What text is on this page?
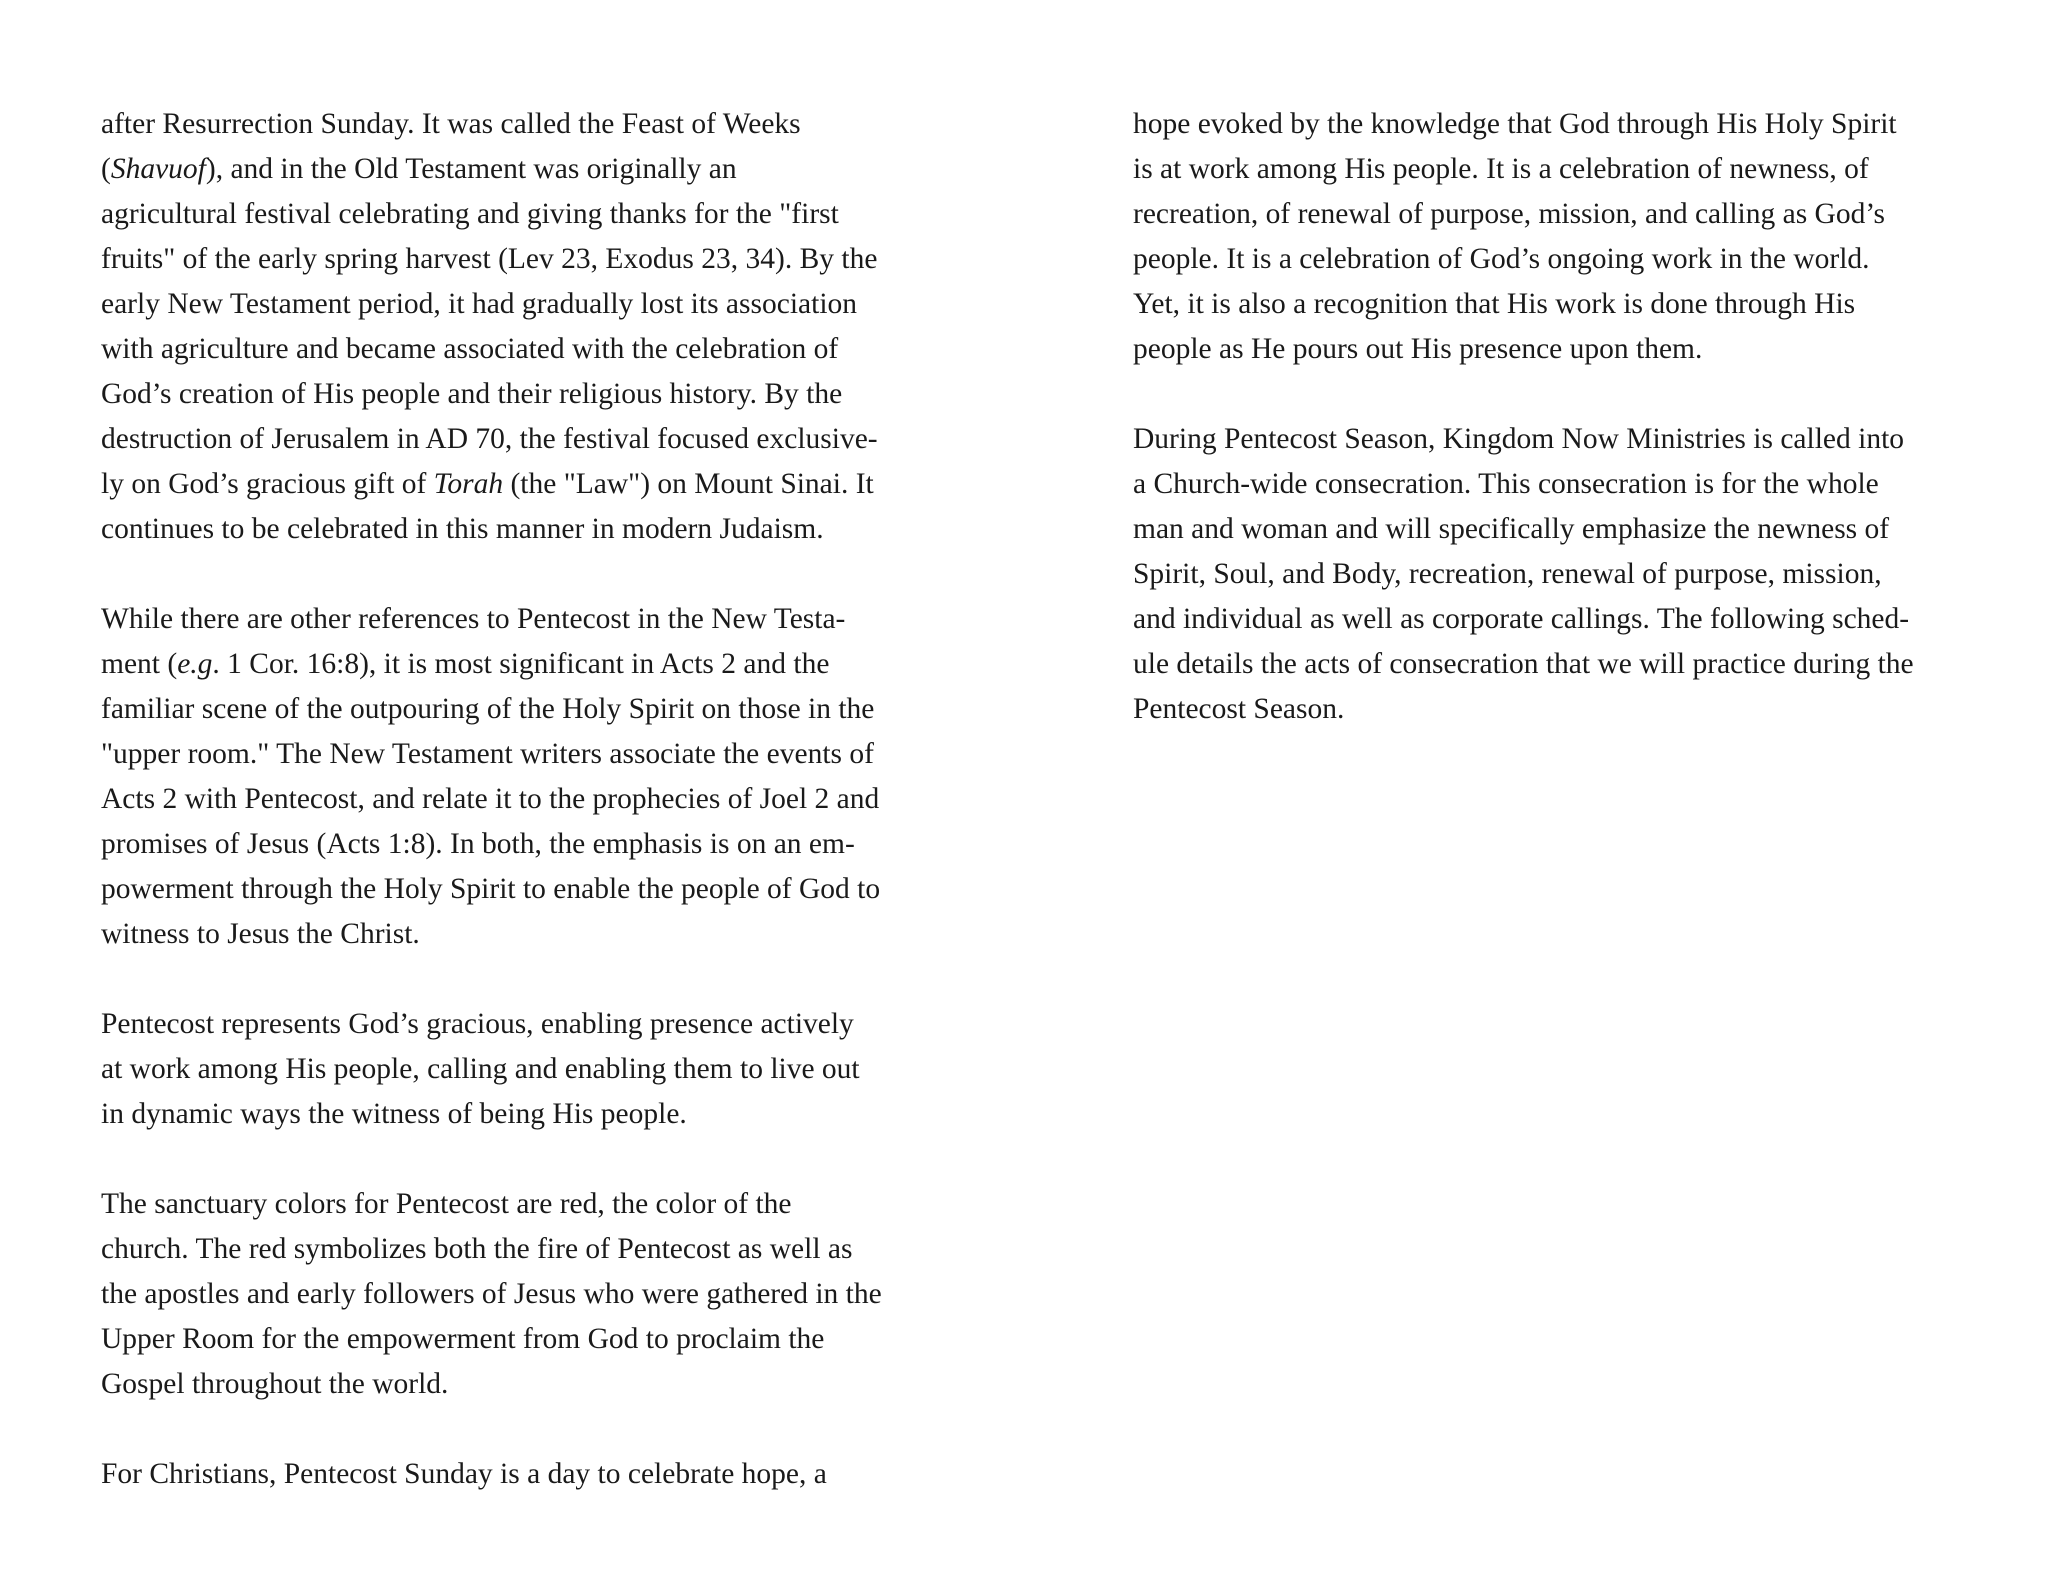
after Resurrection Sunday. It was called the Feast of Weeks
(Shavuof), and in the Old Testament was originally an
agricultural festival celebrating and giving thanks for the "first
fruits" of the early spring harvest (Lev 23, Exodus 23, 34). By the
early New Testament period, it had gradually lost its association
with agriculture and became associated with the celebration of
God’s creation of His people and their religious history. By the
destruction of Jerusalem in AD 70, the festival focused exclusive-
ly on God’s gracious gift of Torah (the "Law") on Mount Sinai. It
continues to be celebrated in this manner in modern Judaism.
While there are other references to Pentecost in the New Testa-
ment (e.g. 1 Cor. 16:8), it is most significant in Acts 2 and the
familiar scene of the outpouring of the Holy Spirit on those in the
"upper room." The New Testament writers associate the events of
Acts 2 with Pentecost, and relate it to the prophecies of Joel 2 and
promises of Jesus (Acts 1:8). In both, the emphasis is on an em-
powerment through the Holy Spirit to enable the people of God to
witness to Jesus the Christ.
Pentecost represents God’s gracious, enabling presence actively
at work among His people, calling and enabling them to live out
in dynamic ways the witness of being His people.
The sanctuary colors for Pentecost are red, the color of the
church. The red symbolizes both the fire of Pentecost as well as
the apostles and early followers of Jesus who were gathered in the
Upper Room for the empowerment from God to proclaim the
Gospel throughout the world.
For Christians, Pentecost Sunday is a day to celebrate hope, a
hope evoked by the knowledge that God through His Holy Spirit
is at work among His people. It is a celebration of newness, of
recreation, of renewal of purpose, mission, and calling as God’s
people. It is a celebration of God’s ongoing work in the world.
Yet, it is also a recognition that His work is done through His
people as He pours out His presence upon them.
During Pentecost Season, Kingdom Now Ministries is called into
a Church-wide consecration. This consecration is for the whole
man and woman and will specifically emphasize the newness of
Spirit, Soul, and Body, recreation, renewal of purpose, mission,
and individual as well as corporate callings. The following sched-
ule details the acts of consecration that we will practice during the
Pentecost Season.
